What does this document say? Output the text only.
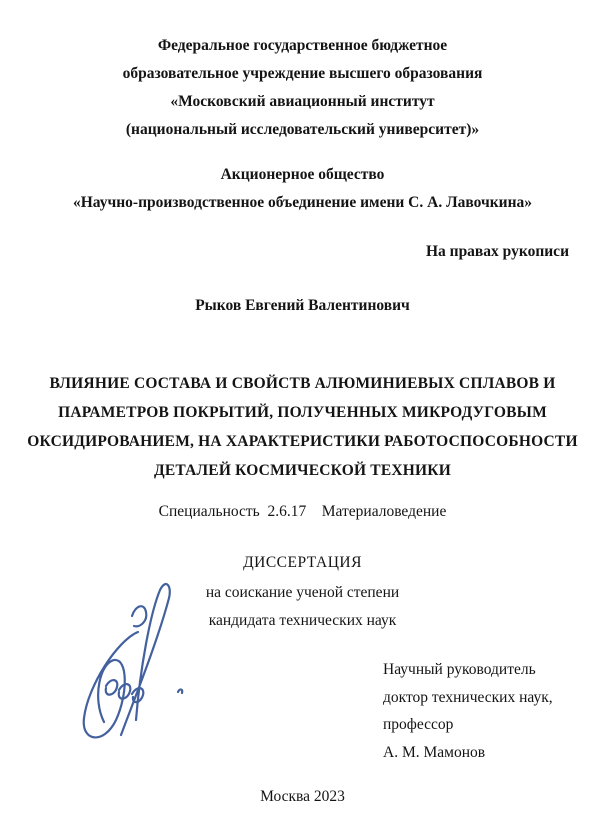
Федеральное государственное бюджетное
образовательное учреждение высшего образования
«Московский авиационный институт
(национальный исследовательский университет)»
Акционерное общество
«Научно-производственное объединение имени С. А. Лавочкина»
На правах рукописи
Рыков Евгений Валентинович
ВЛИЯНИЕ СОСТАВА И СВОЙСТВ АЛЮМИНИЕВЫХ СПЛАВОВ И
ПАРАМЕТРОВ ПОКРЫТИЙ, ПОЛУЧЕННЫХ МИКРОДУГОВЫМ
ОКСИДИРОВАНИЕМ, НА ХАРАКТЕРИСТИКИ РАБОТОСПОСОБНОСТИ
ДЕТАЛЕЙ КОСМИЧЕСКОЙ ТЕХНИКИ
Специальность  2.6.17    Материаловедение
ДИССЕРТАЦИЯ
на соискание ученой степени
кандидата технических наук
Научный руководитель
доктор технических наук,
профессор
А. М. Мамонов
Москва 2023
